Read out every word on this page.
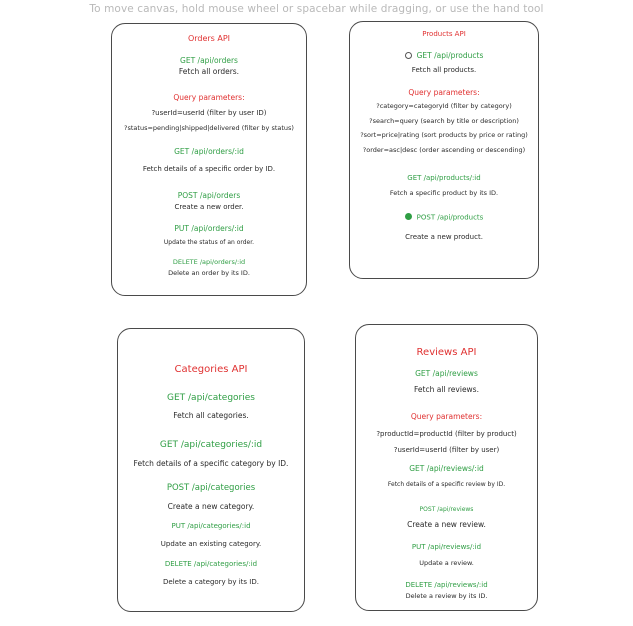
To move canvas, hold mouse wheel or spacebar while dragging, or use the hand tool
Orders API
GET /api/orders
Fetch all orders.
Query parameters:
?userId=userId (filter by user ID)
?status=pending|shipped|delivered (filter by status)
GET /api/orders/:id
Fetch details of a specific order by ID.
POST /api/orders
Create a new order.
PUT /api/orders/:id
Update the status of an order.
DELETE /api/orders/:id
Delete an order by its ID.
Products API
GET /api/products
Fetch all products.
Query parameters:
?category=categoryId (filter by category)
?search=query (search by title or description)
?sort=price|rating (sort products by price or rating)
?order=asc|desc (order ascending or descending)
GET /api/products/:id
Fetch a specific product by its ID.
POST /api/products
Create a new product.
Categories API
GET /api/categories
Fetch all categories.
GET /api/categories/:id
Fetch details of a specific category by ID.
POST /api/categories
Create a new category.
PUT /api/categories/:id
Update an existing category.
DELETE /api/categories/:id
Delete a category by its ID.
Reviews API
GET /api/reviews
Fetch all reviews.
Query parameters:
?productId=productId (filter by product)
?userId=userId (filter by user)
GET /api/reviews/:id
Fetch details of a specific review by ID.
POST /api/reviews
Create a new review.
PUT /api/reviews/:id
Update a review.
DELETE /api/reviews/:id
Delete a review by its ID.
